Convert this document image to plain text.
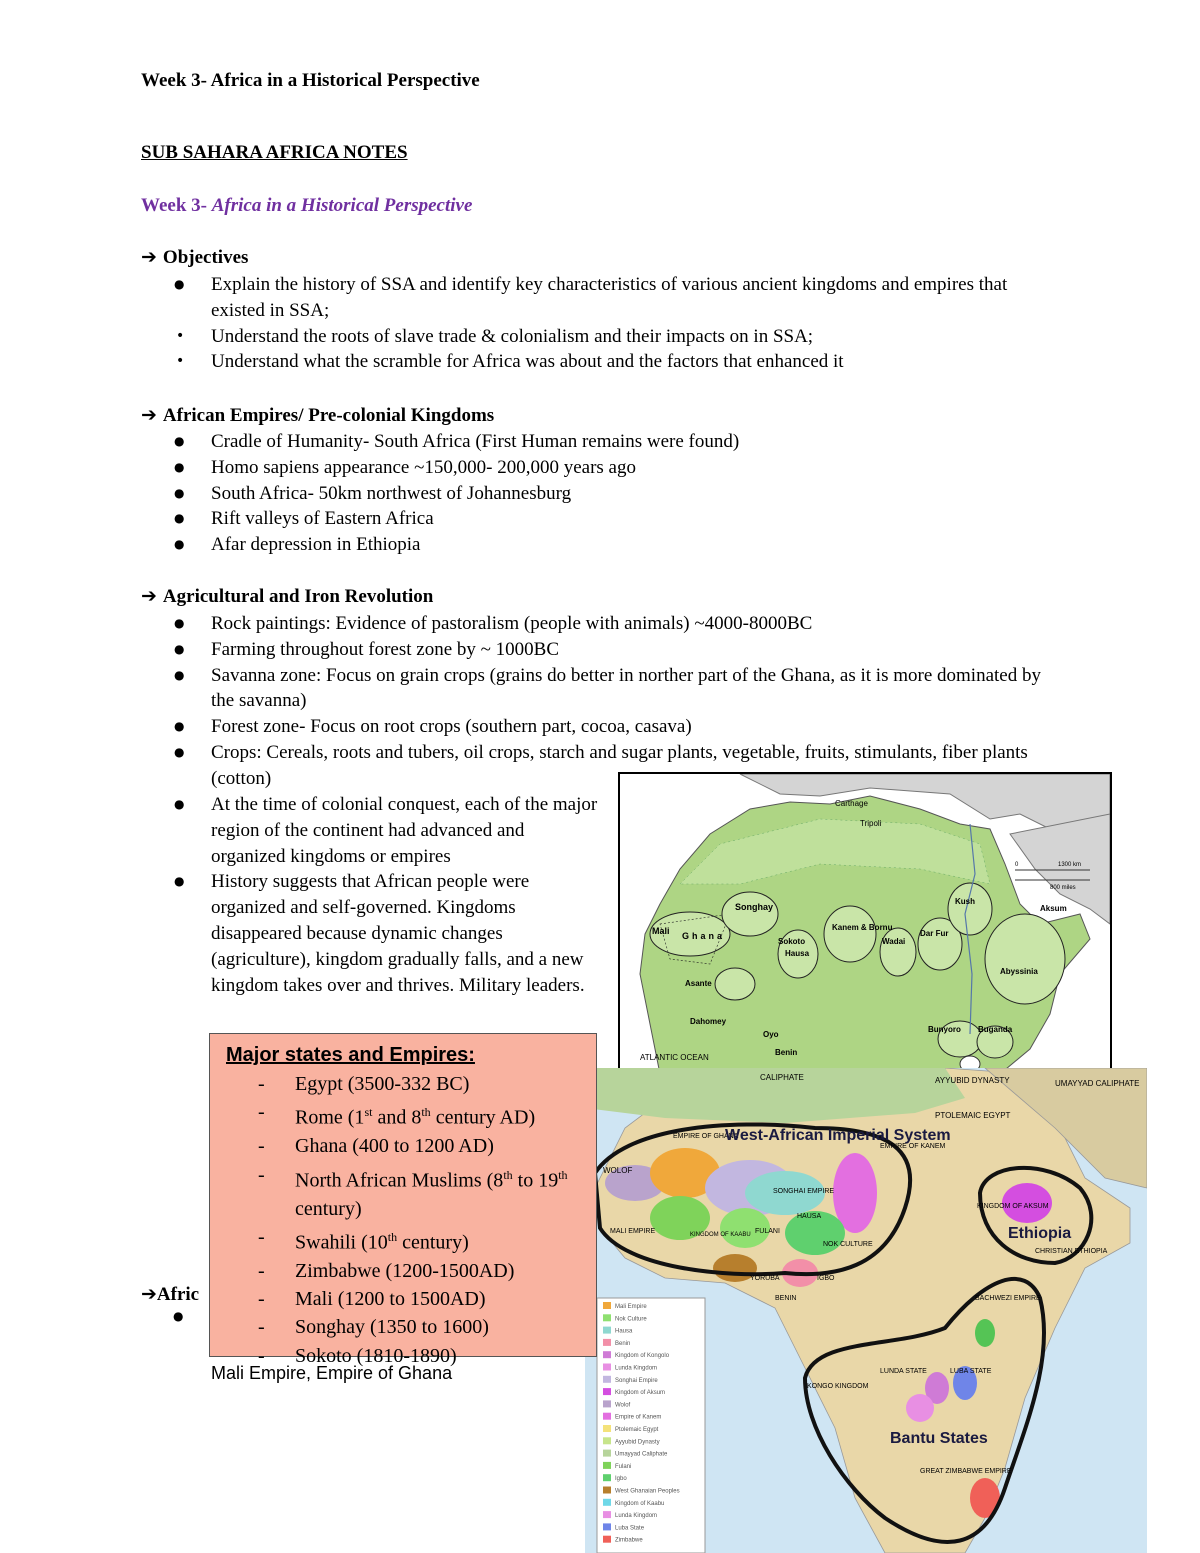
Week 3- Africa in a Historical Perspective
SUB SAHARA AFRICA NOTES
Week 3- Africa in a Historical Perspective
➔ Objectives
● Explain the history of SSA and identify key characteristics of various ancient kingdoms and empires that existed in SSA;
• Understand the roots of slave trade & colonialism and their impacts on in SSA;
• Understand what the scramble for Africa was about and the factors that enhanced it
➔ African Empires/ Pre-colonial Kingdoms
● Cradle of Humanity- South Africa (First Human remains were found)
● Homo sapiens appearance ~150,000- 200,000 years ago
● South Africa- 50km northwest of Johannesburg
● Rift valleys of Eastern Africa
● Afar depression in Ethiopia
➔ Agricultural and Iron Revolution
● Rock paintings: Evidence of pastoralism (people with animals) ~4000-8000BC
● Farming throughout forest zone by ~ 1000BC
● Savanna zone: Focus on grain crops (grains do better in norther part of the Ghana, as it is more dominated by the savanna)
● Forest zone- Focus on root crops (southern part, cocoa, casava)
● Crops: Cereals, roots and tubers, oil crops, starch and sugar plants, vegetable, fruits, stimulants, fiber plants (cotton)
● At the time of colonial conquest, each of the major region of the continent had advanced and organized kingdoms or empires
● History suggests that African people were organized and self-governed. Kingdoms disappeared because dynamic changes (agriculture), kingdom gradually falls, and a new kingdom takes over and thrives. Military leaders.
Carthage
Tripoli
Songhay
Mali Ghana
Kanem & Bornu
Hausa
Sokoto	Wadai
Dar Fur
Kush
Aksum
Abyssinia
Asante
Dahomey
Oyo
Benin
Bunyoro Buganda
ATLANTIC OCEAN
1300 km
0
800 miles
Mali Empire
Nok Culture
Hausa
Benin
Kingdom of Kongolo
Lunda Kingdom
Songhai Empire
Kingdom of Aksum
Wolof
Empire of Kanem
Ptolemaic Egypt
Ayyubid Dynasty
Umayyad Caliphate
Fulani
Igbo
West Ghanaian Peoples
Kingdom of Kaabu
Lunda Kingdom
Luba State
Zimbabwe
CALIPHATE	AYYUBID DYNASTY
PTOLEMAIC EGYPT
UMAYYAD CALIPHATE
EMPIRE OF GHANA
West-African Imperial System
EMPIRE OF KANEM
WOLOF
SONGHAI EMPIRE
MALI EMPIRE	KINGDOM OF KAABU FULANI
HAUSA
NOK CULTURE
YORUBA	IGBO
BENIN
KINGDOM OF AKSUM
Ethiopia
CHRISTIAN ETHIOPIA
BACHWEZI EMPIRE
LUNDA STATE	LUBA STATE
KONGO KINGDOM
Bantu States
GREAT ZIMBABWE EMPIRE
Major states and Empires:
- Egypt (3500-332 BC)
- Rome (1st and 8th century AD)
- Ghana (400 to 1200 AD)
- North African Muslims (8th to 19th century)
- Swahili (10th century)
- Zimbabwe (1200-1500AD)
- Mali (1200 to 1500AD)
- Songhay (1350 to 1600)
- Sokoto (1810-1890)
➔Afric
●
Mali Empire, Empire of Ghana
